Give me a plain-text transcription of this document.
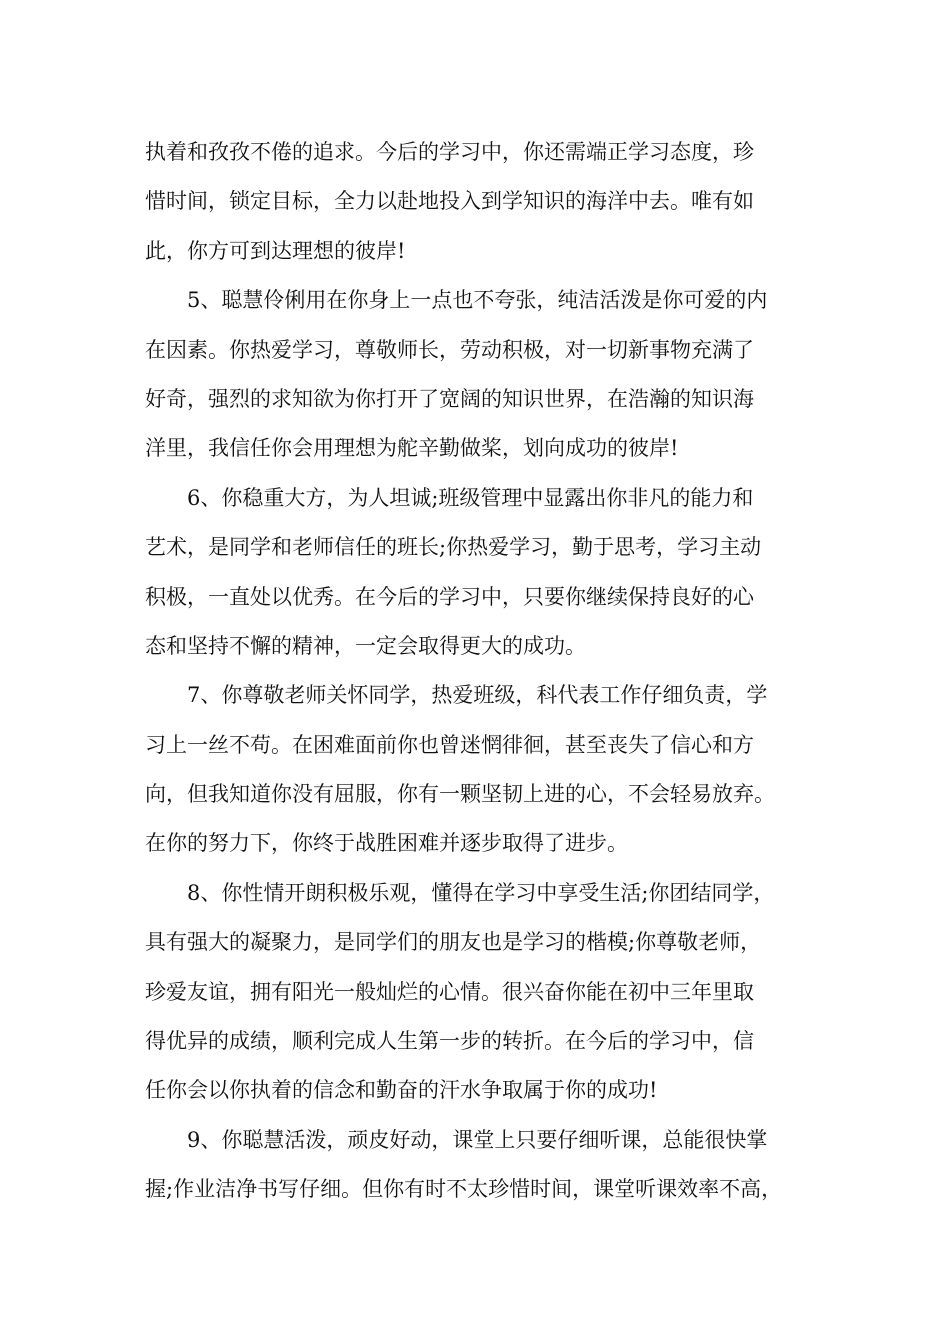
执着和孜孜不倦的追求。今后的学习中，你还需端正学习态度，珍
惜时间，锁定目标，全力以赴地投入到学知识的海洋中去。唯有如
此，你方可到达理想的彼岸!
　　5、聪慧伶俐用在你身上一点也不夸张，纯洁活泼是你可爱的内
在因素。你热爱学习，尊敬师长，劳动积极，对一切新事物充满了
好奇，强烈的求知欲为你打开了宽阔的知识世界，在浩瀚的知识海
洋里，我信任你会用理想为舵辛勤做桨，划向成功的彼岸!
　　6、你稳重大方，为人坦诚;班级管理中显露出你非凡的能力和
艺术，是同学和老师信任的班长;你热爱学习，勤于思考，学习主动
积极，一直处以优秀。在今后的学习中，只要你继续保持良好的心
态和坚持不懈的精神，一定会取得更大的成功。
　　7、你尊敬老师关怀同学，热爱班级，科代表工作仔细负责，学
习上一丝不苟。在困难面前你也曾迷惘徘徊，甚至丧失了信心和方
向，但我知道你没有屈服，你有一颗坚韧上进的心，不会轻易放弃。
在你的努力下，你终于战胜困难并逐步取得了进步。
　　8、你性情开朗积极乐观，懂得在学习中享受生活;你团结同学，
具有强大的凝聚力，是同学们的朋友也是学习的楷模;你尊敬老师，
珍爱友谊，拥有阳光一般灿烂的心情。很兴奋你能在初中三年里取
得优异的成绩，顺利完成人生第一步的转折。在今后的学习中，信
任你会以你执着的信念和勤奋的汗水争取属于你的成功!
　　9、你聪慧活泼，顽皮好动，课堂上只要仔细听课，总能很快掌
握;作业洁净书写仔细。但你有时不太珍惜时间，课堂听课效率不高，
